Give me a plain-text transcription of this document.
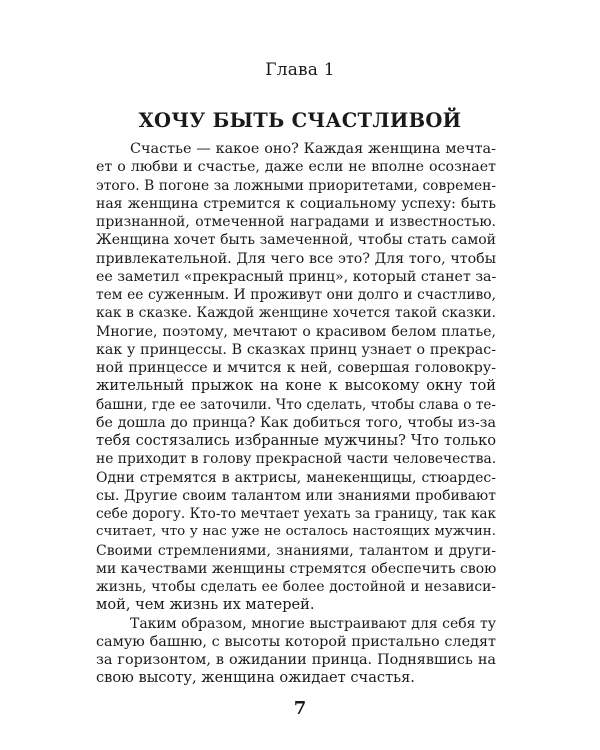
Глава 1
ХОЧУ БЫТЬ СЧАСТЛИВОЙ
Счастье — какое оно? Каждая женщина мечта-
ет о любви и счастье, даже если не вполне осознает
этого. В погоне за ложными приоритетами, современ-
ная женщина стремится к социальному успеху: быть
признанной, отмеченной наградами и известностью.
Женщина хочет быть замеченной, чтобы стать самой
привлекательной. Для чего все это? Для того, чтобы
ее заметил «прекрасный принц», который станет за-
тем ее суженным. И проживут они долго и счастливо,
как в сказке. Каждой женщине хочется такой сказки.
Многие, поэтому, мечтают о красивом белом платье,
как у принцессы. В сказках принц узнает о прекрас-
ной принцессе и мчится к ней, совершая головокру-
жительный прыжок на коне к высокому окну той
башни, где ее заточили. Что сделать, чтобы слава о те-
бе дошла до принца? Как добиться того, чтобы из-за
тебя состязались избранные мужчины? Что только
не приходит в голову прекрасной части человечества.
Одни стремятся в актрисы, манекенщицы, стюардес-
сы. Другие своим талантом или знаниями пробивают
себе дорогу. Кто-то мечтает уехать за границу, так как
считает, что у нас уже не осталось настоящих мужчин.
Своими стремлениями, знаниями, талантом и други-
ми качествами женщины стремятся обеспечить свою
жизнь, чтобы сделать ее более достойной и независи-
мой, чем жизнь их матерей.
Таким образом, многие выстраивают для себя ту
самую башню, с высоты которой пристально следят
за горизонтом, в ожидании принца. Поднявшись на
свою высоту, женщина ожидает счастья.
7
